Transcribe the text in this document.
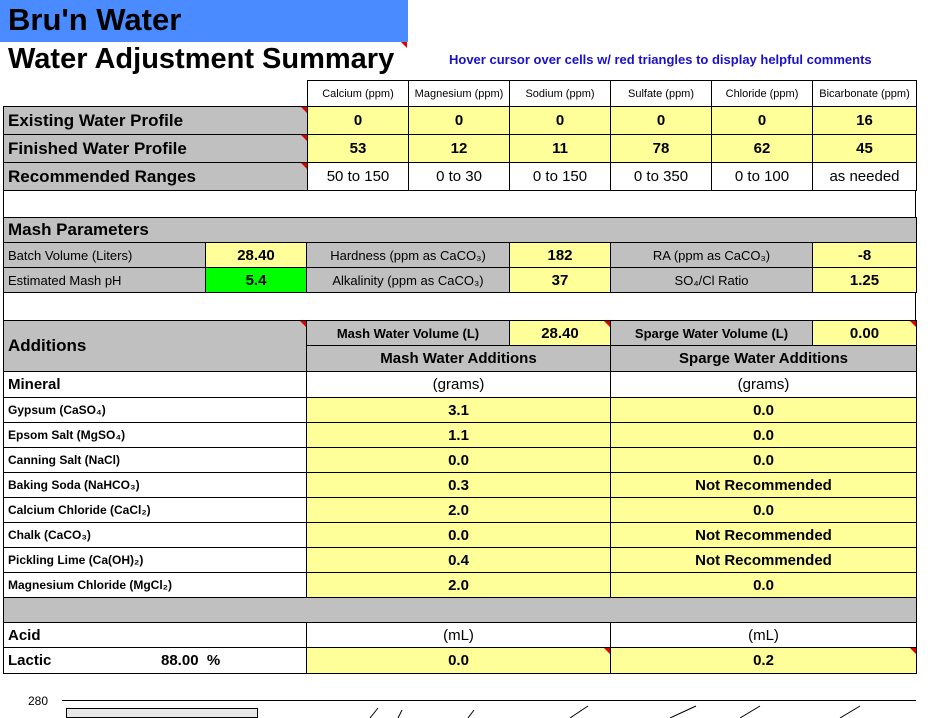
Bru'n Water
Water Adjustment Summary	Hover cursor over cells w/ red triangles to display helpful comments
	Calcium (ppm)	Magnesium (ppm)	Sodium (ppm)	Sulfate (ppm)	Chloride (ppm)	Bicarbonate (ppm)
Existing Water Profile	0	0	0	0	0	16
Finished Water Profile	53	12	11	78	62	45
Recommended Ranges	50 to 150	0 to 30	0 to 150	0 to 350	0 to 100	as needed
Mash Parameters					
Batch Volume (Liters)	28.40	Hardness (ppm as CaCO₃)	182	RA (ppm as CaCO₃)	-8
Estimated Mash pH	5.4	Alkalinity (ppm as CaCO₃)	37	SO₄/Cl Ratio	1.25
Additions	Mash Water Volume (L)	28.40	Sparge Water Volume (L)	0.00
	Mash Water Additions		Sparge Water Additions	
Mineral	(grams)		(grams)	
Gypsum (CaSO₄)	3.1		0.0	
Epsom Salt (MgSO₄)	1.1		0.0	
Canning Salt (NaCl)	0.0		0.0	
Baking Soda (NaHCO₃)	0.3		Not Recommended	
Calcium Chloride (CaCl₂)	2.0		0.0	
Chalk (CaCO₃)	0.0		Not Recommended	
Pickling Lime (Ca(OH)₂)	0.4		Not Recommended	
Magnesium Chloride (MgCl₂)	2.0		0.0	

Acid	(mL)		(mL)	
Lactic 88.00 %	0.0		0.2	
280
